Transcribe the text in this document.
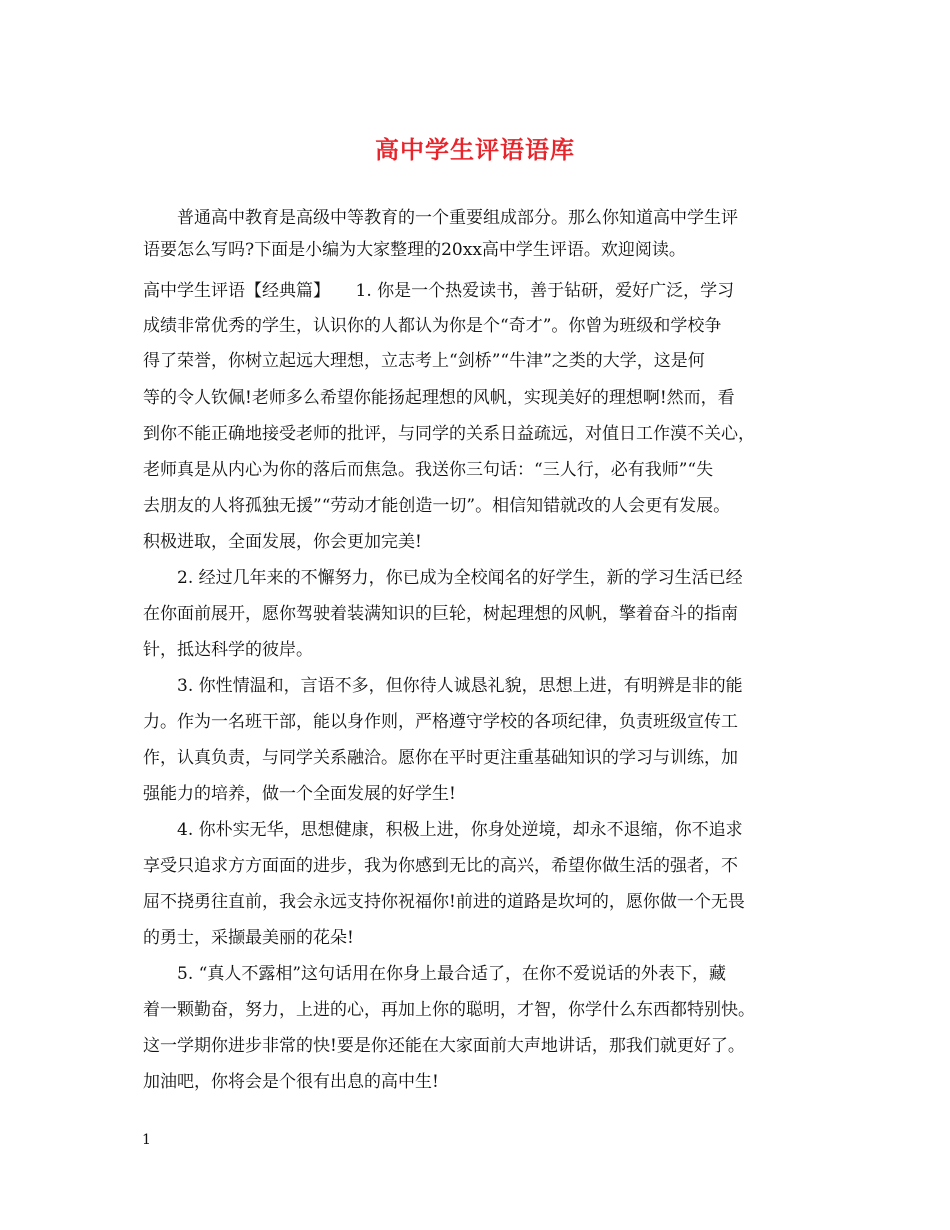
高中学生评语语库
　　普通高中教育是高级中等教育的一个重要组成部分。那么你知道高中学生评
语要怎么写吗?下面是小编为大家整理的20xx高中学生评语。欢迎阅读。
高中学生评语【经典篇】　　1. 你是一个热爱读书，善于钻研，爱好广泛，学习
成绩非常优秀的学生，认识你的人都认为你是个“奇才”。你曾为班级和学校争
得了荣誉，你树立起远大理想，立志考上“剑桥”“牛津”之类的大学，这是何
等的令人钦佩!老师多么希望你能扬起理想的风帆，实现美好的理想啊!然而，看
到你不能正确地接受老师的批评，与同学的关系日益疏远，对值日工作漠不关心，
老师真是从内心为你的落后而焦急。我送你三句话：“三人行，必有我师”“失
去朋友的人将孤独无援”“劳动才能创造一切”。相信知错就改的人会更有发展。
积极进取，全面发展，你会更加完美!
　　2. 经过几年来的不懈努力，你已成为全校闻名的好学生，新的学习生活已经
在你面前展开，愿你驾驶着装满知识的巨轮，树起理想的风帆，擎着奋斗的指南
针，抵达科学的彼岸。
　　3. 你性情温和，言语不多，但你待人诚恳礼貌，思想上进，有明辨是非的能
力。作为一名班干部，能以身作则，严格遵守学校的各项纪律，负责班级宣传工
作，认真负责，与同学关系融洽。愿你在平时更注重基础知识的学习与训练，加
强能力的培养，做一个全面发展的好学生!
　　4. 你朴实无华，思想健康，积极上进，你身处逆境，却永不退缩，你不追求
享受只追求方方面面的进步，我为你感到无比的高兴，希望你做生活的强者，不
屈不挠勇往直前，我会永远支持你祝福你!前进的道路是坎坷的，愿你做一个无畏
的勇士，采撷最美丽的花朵!
　　5. “真人不露相”这句话用在你身上最合适了，在你不爱说话的外表下，藏
着一颗勤奋，努力，上进的心，再加上你的聪明，才智，你学什么东西都特别快。
这一学期你进步非常的快!要是你还能在大家面前大声地讲话，那我们就更好了。
加油吧，你将会是个很有出息的高中生!
1
